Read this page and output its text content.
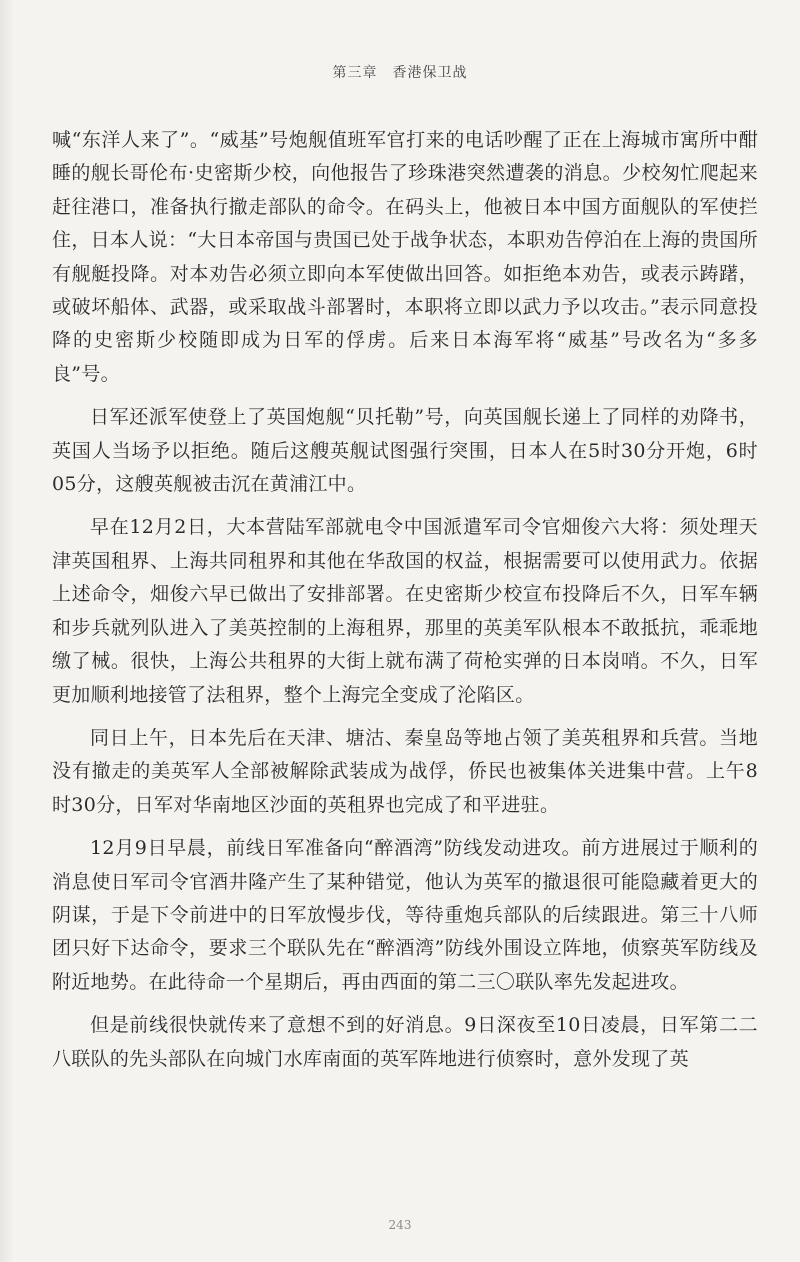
第三章　香港保卫战

喊“东洋人来了”。“威基”号炮舰值班军官打来的电话吵醒了正在上海城市寓所中酣睡的舰长哥伦布·史密斯少校，向他报告了珍珠港突然遭袭的消息。少校匆忙爬起来赶往港口，准备执行撤走部队的命令。在码头上，他被日本中国方面舰队的军使拦住，日本人说：“大日本帝国与贵国已处于战争状态，本职劝告停泊在上海的贵国所有舰艇投降。对本劝告必须立即向本军使做出回答。如拒绝本劝告，或表示踌躇，或破坏船体、武器，或采取战斗部署时，本职将立即以武力予以攻击。”表示同意投降的史密斯少校随即成为日军的俘虏。后来日本海军将“威基”号改名为“多多良”号。

日军还派军使登上了英国炮舰“贝托勒”号，向英国舰长递上了同样的劝降书，英国人当场予以拒绝。随后这艘英舰试图强行突围，日本人在5时30分开炮，6时05分，这艘英舰被击沉在黄浦江中。

早在12月2日，大本营陆军部就电令中国派遣军司令官畑俊六大将：须处理天津英国租界、上海共同租界和其他在华敌国的权益，根据需要可以使用武力。依据上述命令，畑俊六早已做出了安排部署。在史密斯少校宣布投降后不久，日军车辆和步兵就列队进入了美英控制的上海租界，那里的英美军队根本不敢抵抗，乖乖地缴了械。很快，上海公共租界的大街上就布满了荷枪实弹的日本岗哨。不久，日军更加顺利地接管了法租界，整个上海完全变成了沦陷区。

同日上午，日本先后在天津、塘沽、秦皇岛等地占领了美英租界和兵营。当地没有撤走的美英军人全部被解除武装成为战俘，侨民也被集体关进集中营。上午8时30分，日军对华南地区沙面的英租界也完成了和平进驻。

12月9日早晨，前线日军准备向“醉酒湾”防线发动进攻。前方进展过于顺利的消息使日军司令官酒井隆产生了某种错觉，他认为英军的撤退很可能隐藏着更大的阴谋，于是下令前进中的日军放慢步伐，等待重炮兵部队的后续跟进。第三十八师团只好下达命令，要求三个联队先在“醉酒湾”防线外围设立阵地，侦察英军防线及附近地势。在此待命一个星期后，再由西面的第二三〇联队率先发起进攻。

但是前线很快就传来了意想不到的好消息。9日深夜至10日凌晨，日军第二二八联队的先头部队在向城门水库南面的英军阵地进行侦察时，意外发现了英

243
